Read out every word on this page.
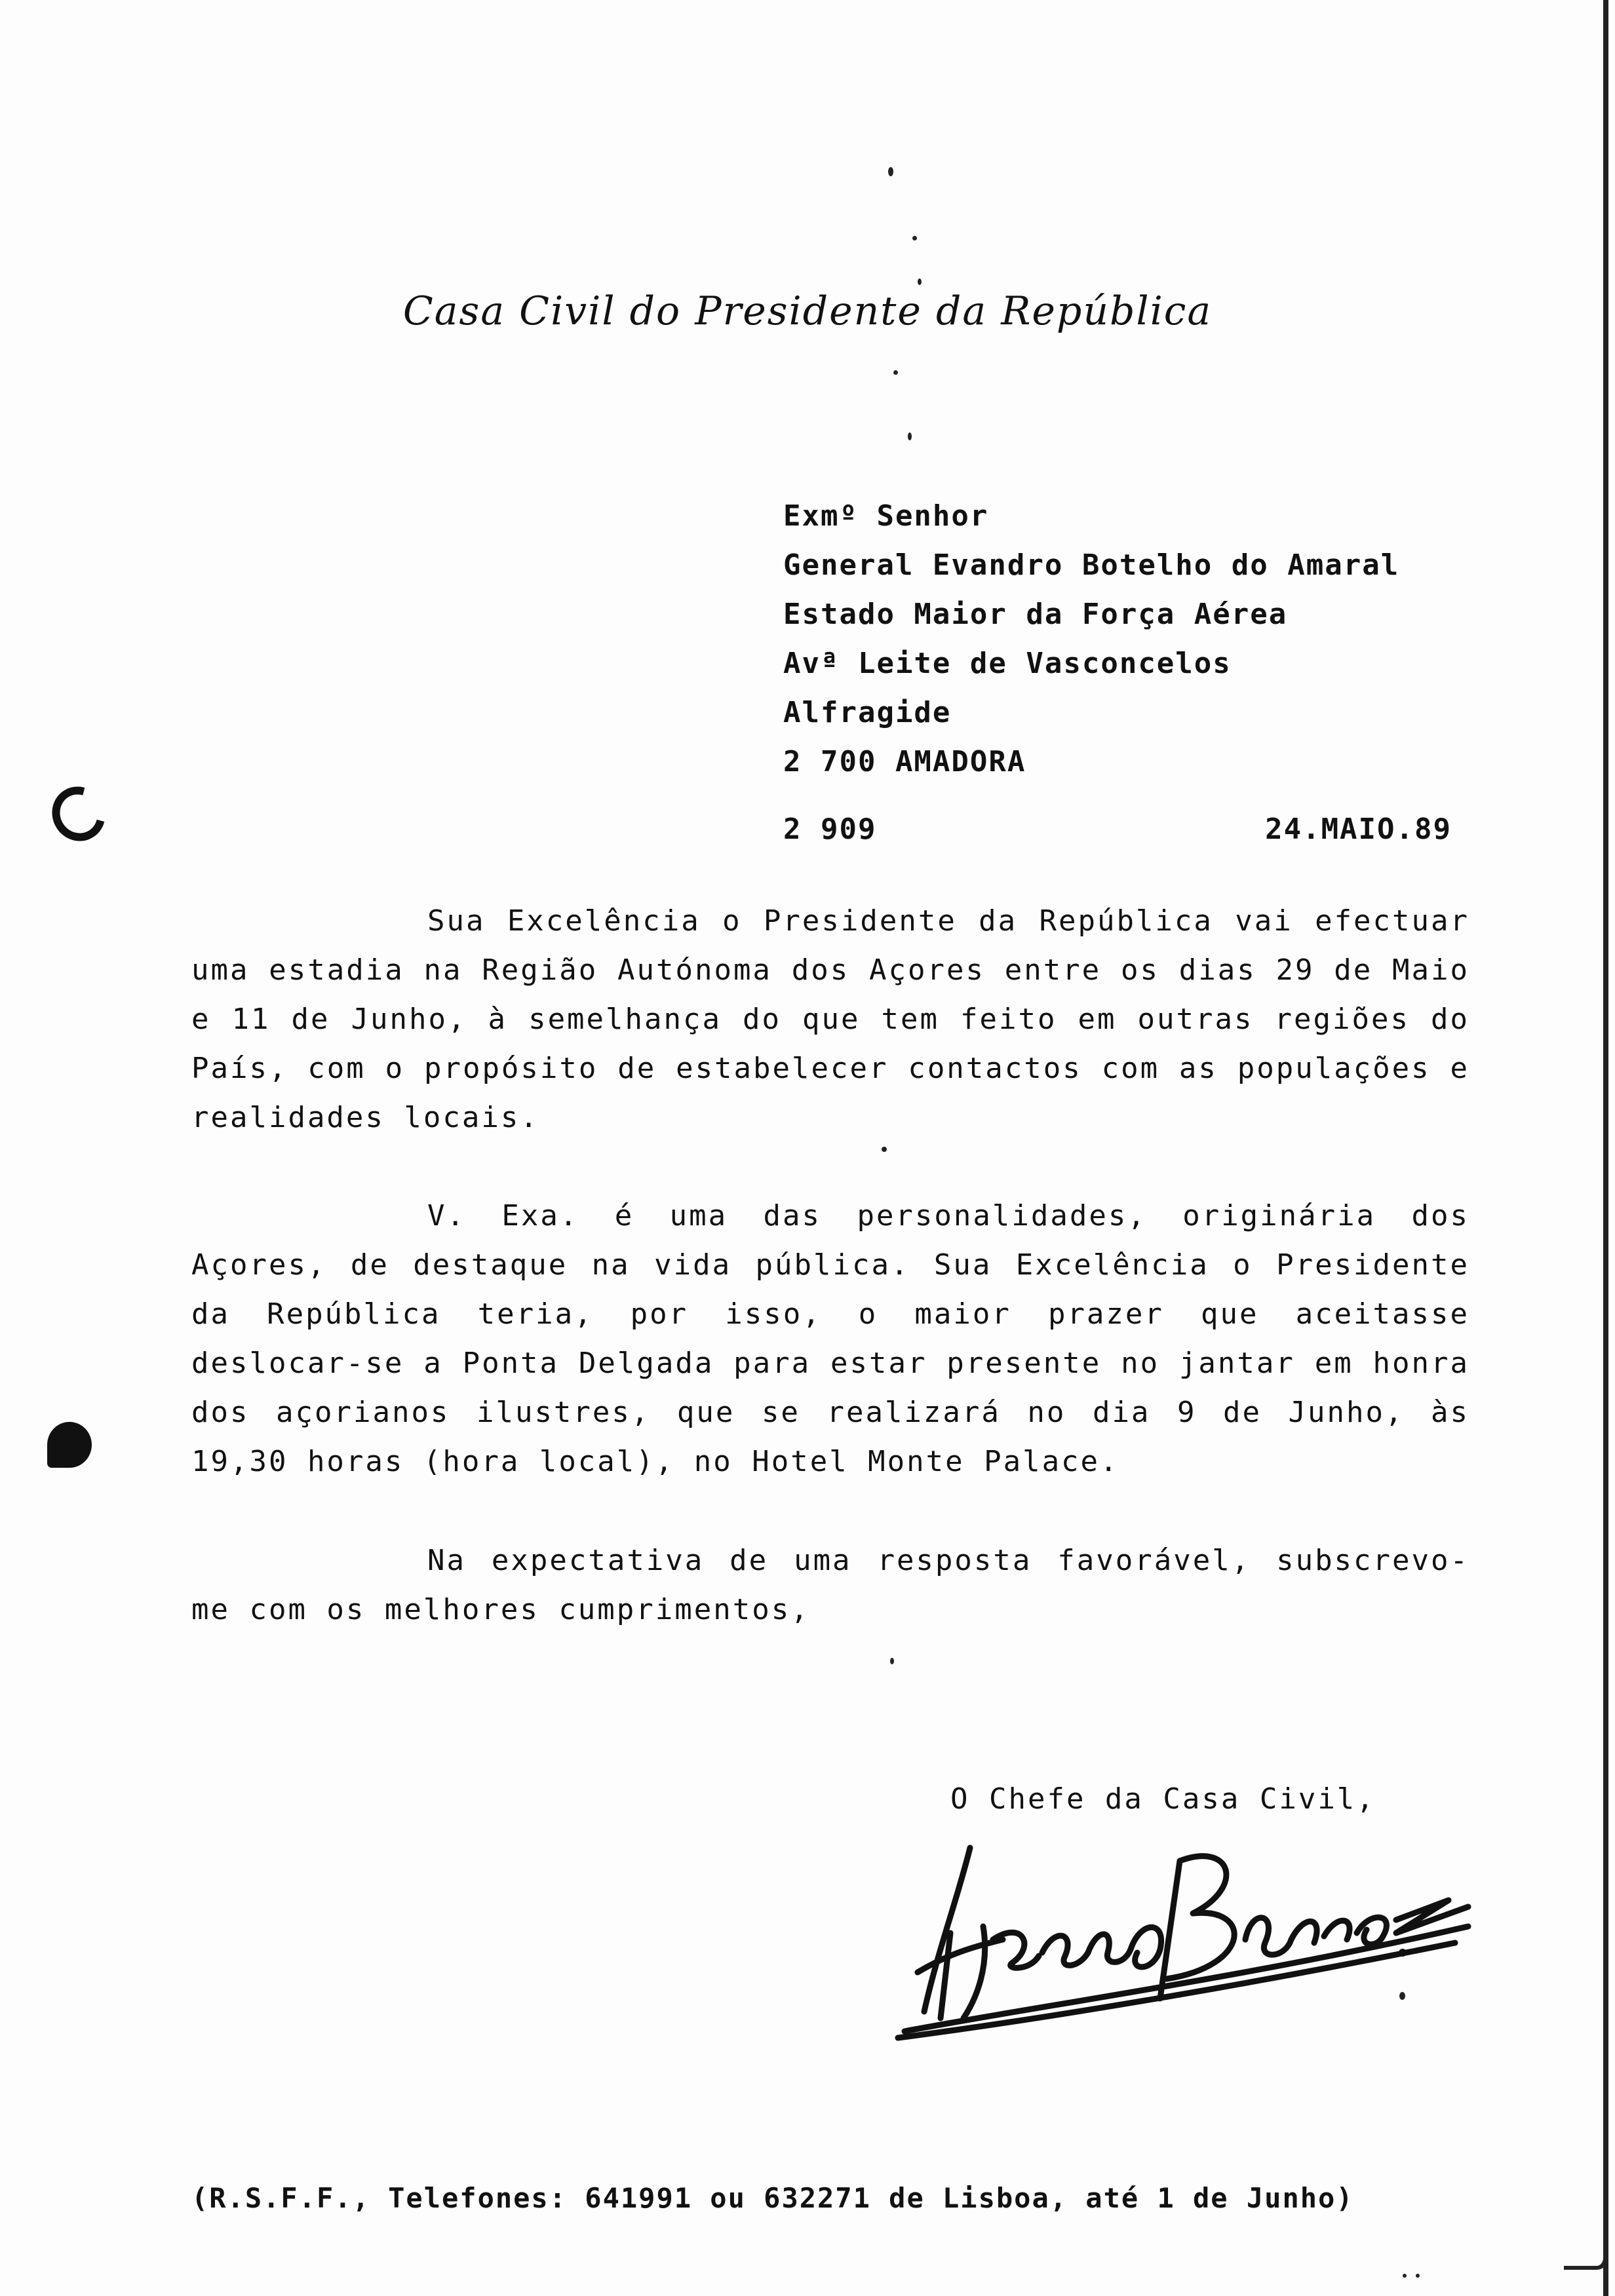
Casa Civil do Presidente da República
Exmº Senhor
General Evandro Botelho do Amaral
Estado Maior da Força Aérea
Avª Leite de Vasconcelos
Alfragide
2 700 AMADORA
2 909	24.MAIO.89

Sua Excelência o Presidente da República vai efectuar uma estadia na Região Autónoma dos Açores entre os dias 29 de Maio e 11 de Junho, à semelhança do que tem feito em outras regiões do País, com o propósito de estabelecer contactos com as populações e realidades locais.

V. Exa. é uma das personalidades, originária dos Açores, de destaque na vida pública. Sua Excelência o Presidente da República teria, por isso, o maior prazer que aceitasse deslocar-se a Ponta Delgada para estar presente no jantar em honra dos açorianos ilustres, que se realizará no dia 9 de Junho, às 19,30 horas (hora local), no Hotel Monte Palace.

Na expectativa de uma resposta favorável, subscrevo-me com os melhores cumprimentos,

O Chefe da Casa Civil,
(R.S.F.F., Telefones: 641991 ou 632271 de Lisboa, até 1 de Junho)
